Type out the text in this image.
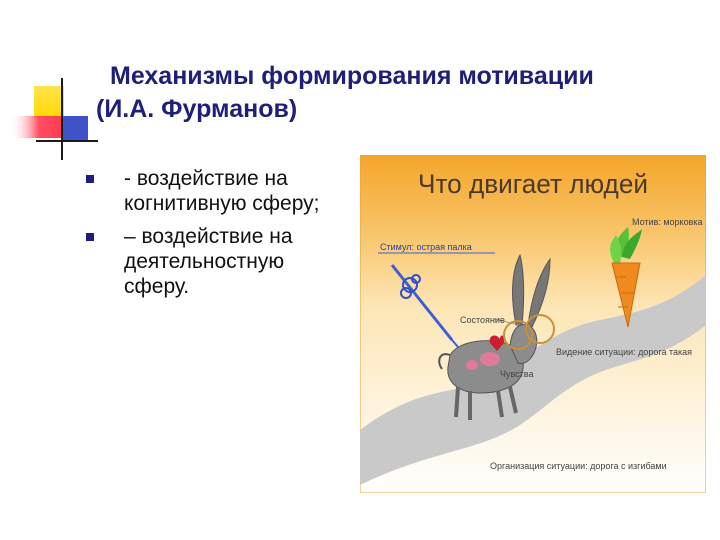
Механизмы формирования мотивации
(И.А. Фурманов)
- воздействие на когнитивную сферу;
– воздействие на деятельностную сферу.
Что двигает людей
Мотив: морковка
Стимул: острая палка
Состояние
Видение ситуации: дорога такая
Чувства
Организация ситуации: дорога с изгибами
